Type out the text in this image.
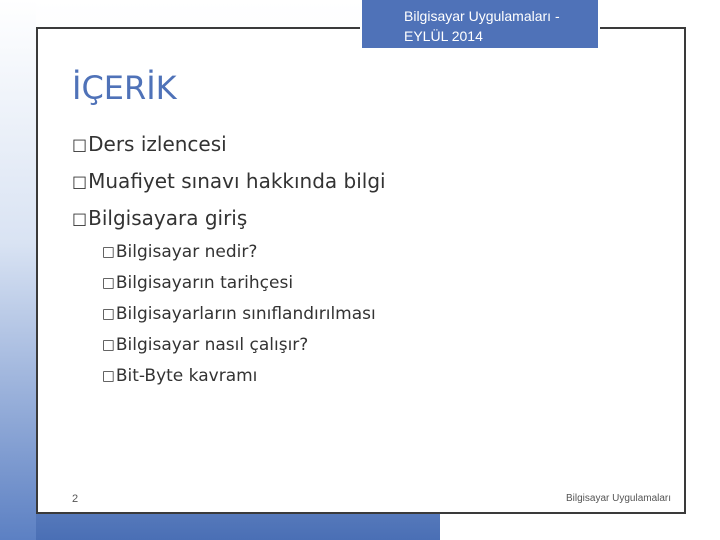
Bilgisayar Uygulamaları -
EYLÜL 2014
İÇERİK
□Ders izlencesi
□Muafiyet sınavı hakkında bilgi
□Bilgisayara giriş
□Bilgisayar nedir?
□Bilgisayarın tarihçesi
□Bilgisayarların sınıflandırılması
□Bilgisayar nasıl çalışır?
□Bit-Byte kavramı
2	Bilgisayar Uygulamaları
